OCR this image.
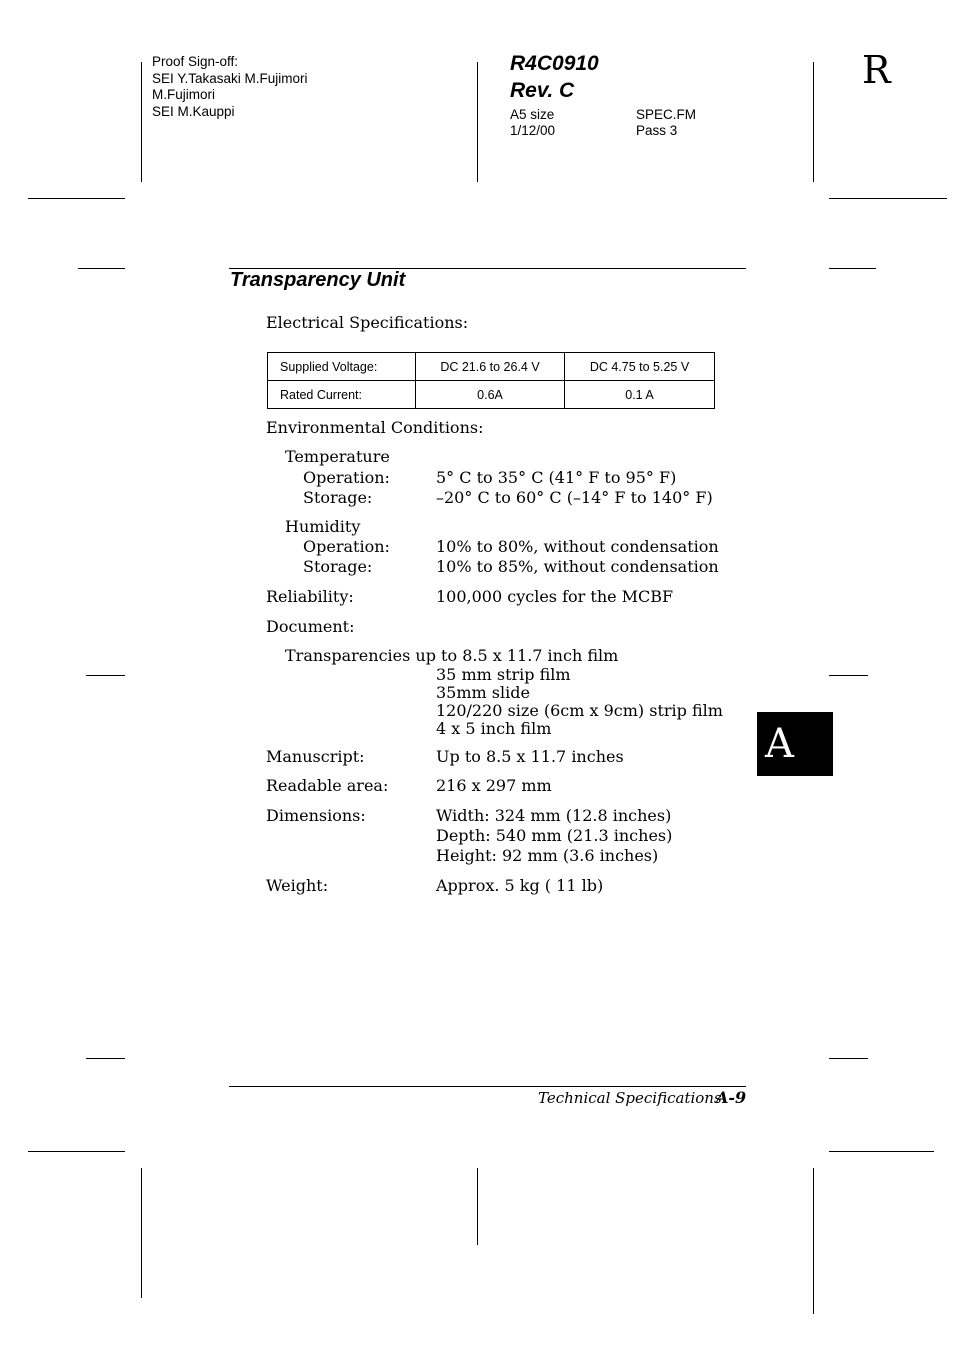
Proof Sign-off:
SEI Y.Takasaki M.Fujimori
M.Fujimori
SEI M.Kauppi
R4C0910
Rev. C
A5 size	SPEC.FM
1/12/00	Pass 3
R
Transparency Unit
Electrical Specifications:
Supplied Voltage:	DC 21.6 to 26.4 V	DC 4.75 to 5.25 V
Rated Current:	0.6A	0.1 A
Environmental Conditions:
Temperature
Operation:	5° C to 35° C (41° F to 95° F)
Storage:	–20° C to 60° C (–14° F to 140° F)
Humidity
Operation:	10% to 80%, without condensation
Storage:	10% to 85%, without condensation
Reliability:	100,000 cycles for the MCBF
Document:
Transparencies up to 8.5 x 11.7 inch film
35 mm strip film
35mm slide
120/220 size (6cm x 9cm) strip film
4 x 5 inch film
Manuscript:	Up to 8.5 x 11.7 inches
Readable area:	216 x 297 mm
Dimensions:	Width: 324 mm (12.8 inches)
Depth: 540 mm (21.3 inches)
Height: 92 mm (3.6 inches)
Weight:	Approx. 5 kg ( 11 lb)
A
Technical Specifications
A-9
